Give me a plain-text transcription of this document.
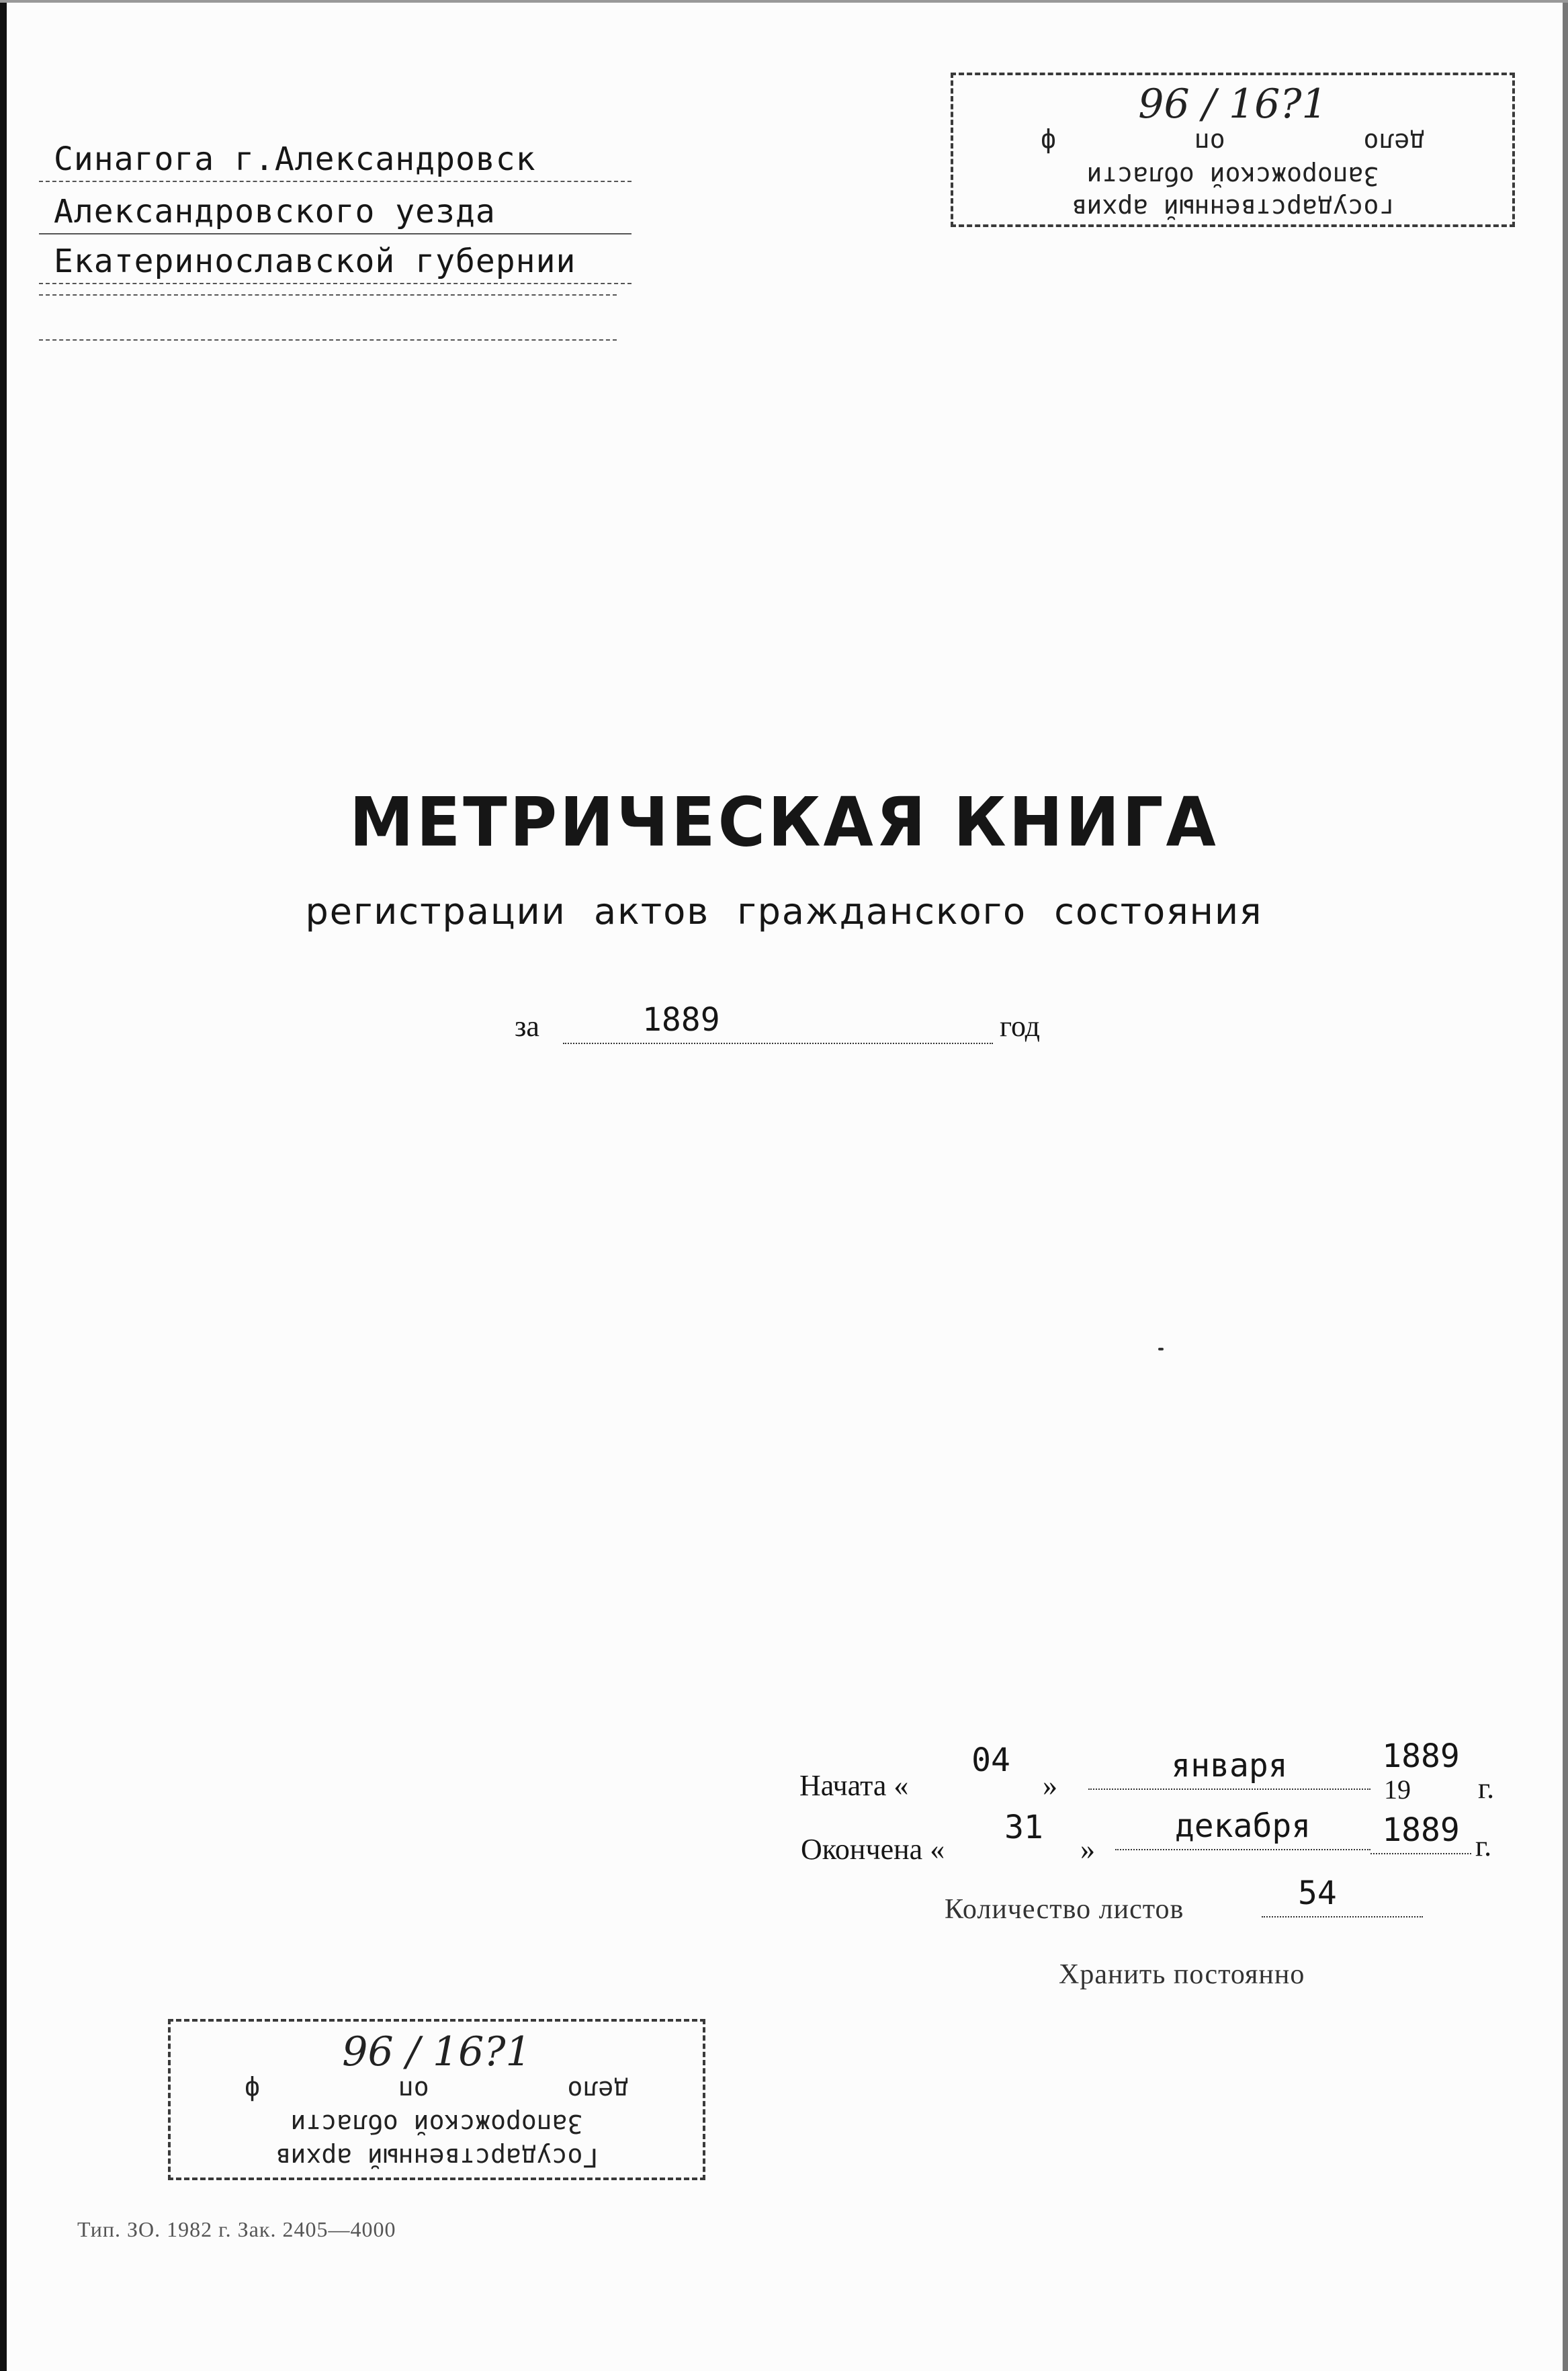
Синагога г.Александровск
Александровского уезда
Екатеринославской губернии
96 / 16?1
дело         оп         ф
Запорожской области
государственный архив
МЕТРИЧЕСКАЯ КНИГА
регистрации актов гражданского состояния
за	1889	год
Начата «
04
»
января
19
1889
г.
Окончена «
31
»
декабря	1889 г.
Количество листов	54
Хранить постоянно
96 / 16?1
дело         оп         ф
Запорожской области
Государственный архив
Тип. ЗО. 1982 г. Зак. 2405—4000
